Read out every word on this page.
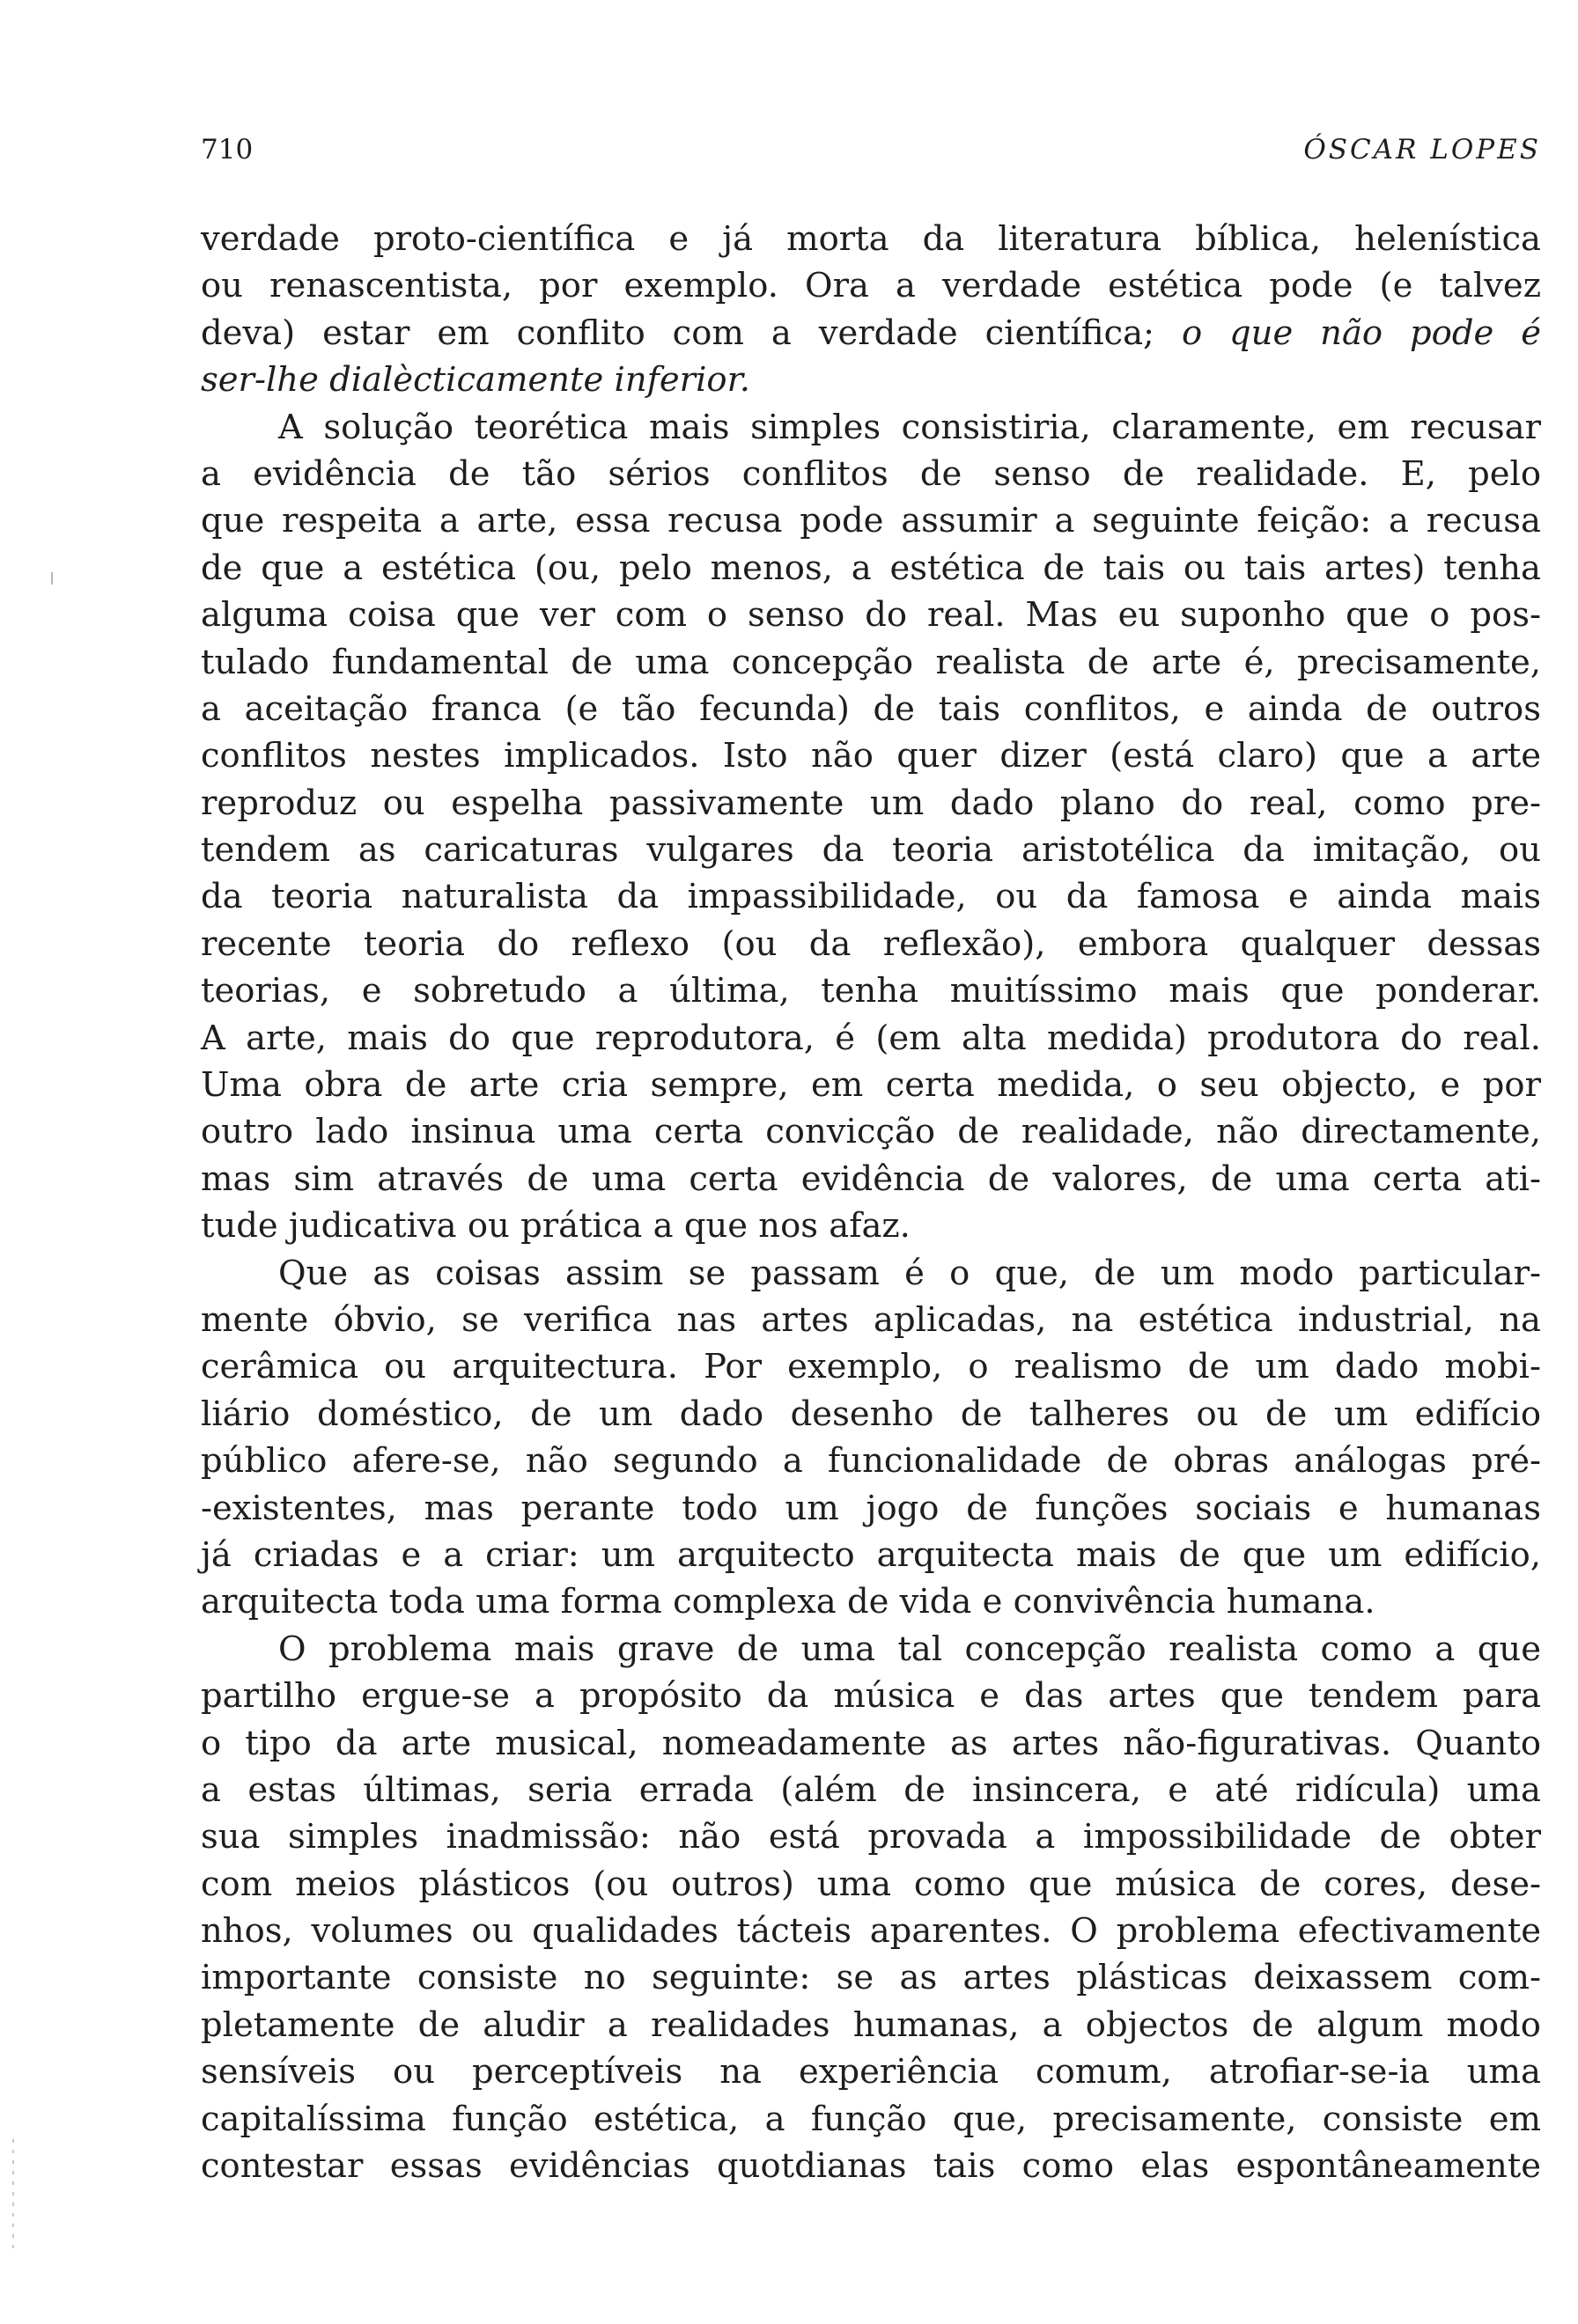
710	ÓSCAR LOPES
verdade proto-científica e já morta da literatura bíblica, helenística
ou renascentista, por exemplo. Ora a verdade estética pode (e talvez
deva) estar em conflito com a verdade científica; o que não pode é
ser-lhe dialècticamente inferior.
A solução teorética mais simples consistiria, claramente, em recusar
a evidência de tão sérios conflitos de senso de realidade. E, pelo
que respeita a arte, essa recusa pode assumir a seguinte feição: a recusa
de que a estética (ou, pelo menos, a estética de tais ou tais artes) tenha
alguma coisa que ver com o senso do real. Mas eu suponho que o pos-
tulado fundamental de uma concepção realista de arte é, precisamente,
a aceitação franca (e tão fecunda) de tais conflitos, e ainda de outros
conflitos nestes implicados. Isto não quer dizer (está claro) que a arte
reproduz ou espelha passivamente um dado plano do real, como pre-
tendem as caricaturas vulgares da teoria aristotélica da imitação, ou
da teoria naturalista da impassibilidade, ou da famosa e ainda mais
recente teoria do reflexo (ou da reflexão), embora qualquer dessas
teorias, e sobretudo a última, tenha muitíssimo mais que ponderar.
A arte, mais do que reprodutora, é (em alta medida) produtora do real.
Uma obra de arte cria sempre, em certa medida, o seu objecto, e por
outro lado insinua uma certa convicção de realidade, não directamente,
mas sim através de uma certa evidência de valores, de uma certa ati-
tude judicativa ou prática a que nos afaz.
Que as coisas assim se passam é o que, de um modo particular-
mente óbvio, se verifica nas artes aplicadas, na estética industrial, na
cerâmica ou arquitectura. Por exemplo, o realismo de um dado mobi-
liário doméstico, de um dado desenho de talheres ou de um edifício
público afere-se, não segundo a funcionalidade de obras análogas pré-
-existentes, mas perante todo um jogo de funções sociais e humanas
já criadas e a criar: um arquitecto arquitecta mais de que um edifício,
arquitecta toda uma forma complexa de vida e convivência humana.
O problema mais grave de uma tal concepção realista como a que
partilho ergue-se a propósito da música e das artes que tendem para
o tipo da arte musical, nomeadamente as artes não-figurativas. Quanto
a estas últimas, seria errada (além de insincera, e até ridícula) uma
sua simples inadmissão: não está provada a impossibilidade de obter
com meios plásticos (ou outros) uma como que música de cores, dese-
nhos, volumes ou qualidades tácteis aparentes. O problema efectivamente
importante consiste no seguinte: se as artes plásticas deixassem com-
pletamente de aludir a realidades humanas, a objectos de algum modo
sensíveis ou perceptíveis na experiência comum, atrofiar-se-ia uma
capitalíssima função estética, a função que, precisamente, consiste em
contestar essas evidências quotdianas tais como elas espontâneamente
